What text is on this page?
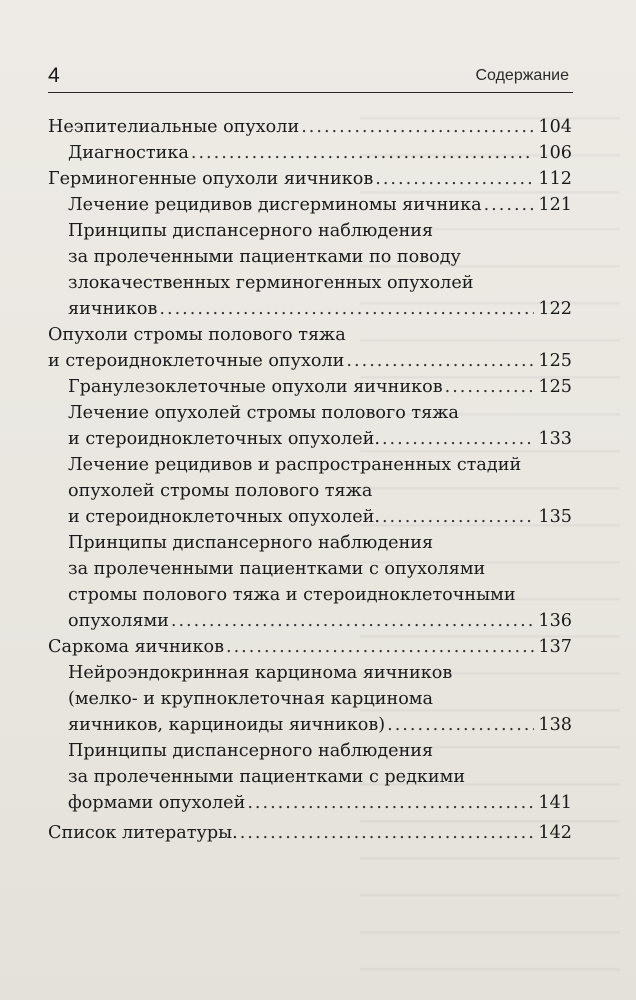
4	Содержание
Неэпителиальные опухоли .....	104
Диагностика .....	106
Герминогенные опухоли яичников .....	112
Лечение рецидивов дисгерминомы яичника .....	121
Принципы диспансерного наблюдения
за пролеченными пациентками по поводу
злокачественных герминогенных опухолей
яичников .....	122
Опухоли стромы полового тяжа
и стероидноклеточные опухоли .....	125
Гранулезоклеточные опухоли яичников .....	125
Лечение опухолей стромы полового тяжа
и стероидноклеточных опухолей. .....	133
Лечение рецидивов и распространенных стадий
опухолей стромы полового тяжа
и стероидноклеточных опухолей. .....	135
Принципы диспансерного наблюдения
за пролеченными пациентками с опухолями
стромы полового тяжа и стероидноклеточными
опухолями .....	136
Саркома яичников .....	137
Нейроэндокринная карцинома яичников
(мелко- и крупноклеточная карцинома
яичников, карциноиды яичников) .....	138
Принципы диспансерного наблюдения
за пролеченными пациентками с редкими
формами опухолей .....	141
Список литературы. .....	142
